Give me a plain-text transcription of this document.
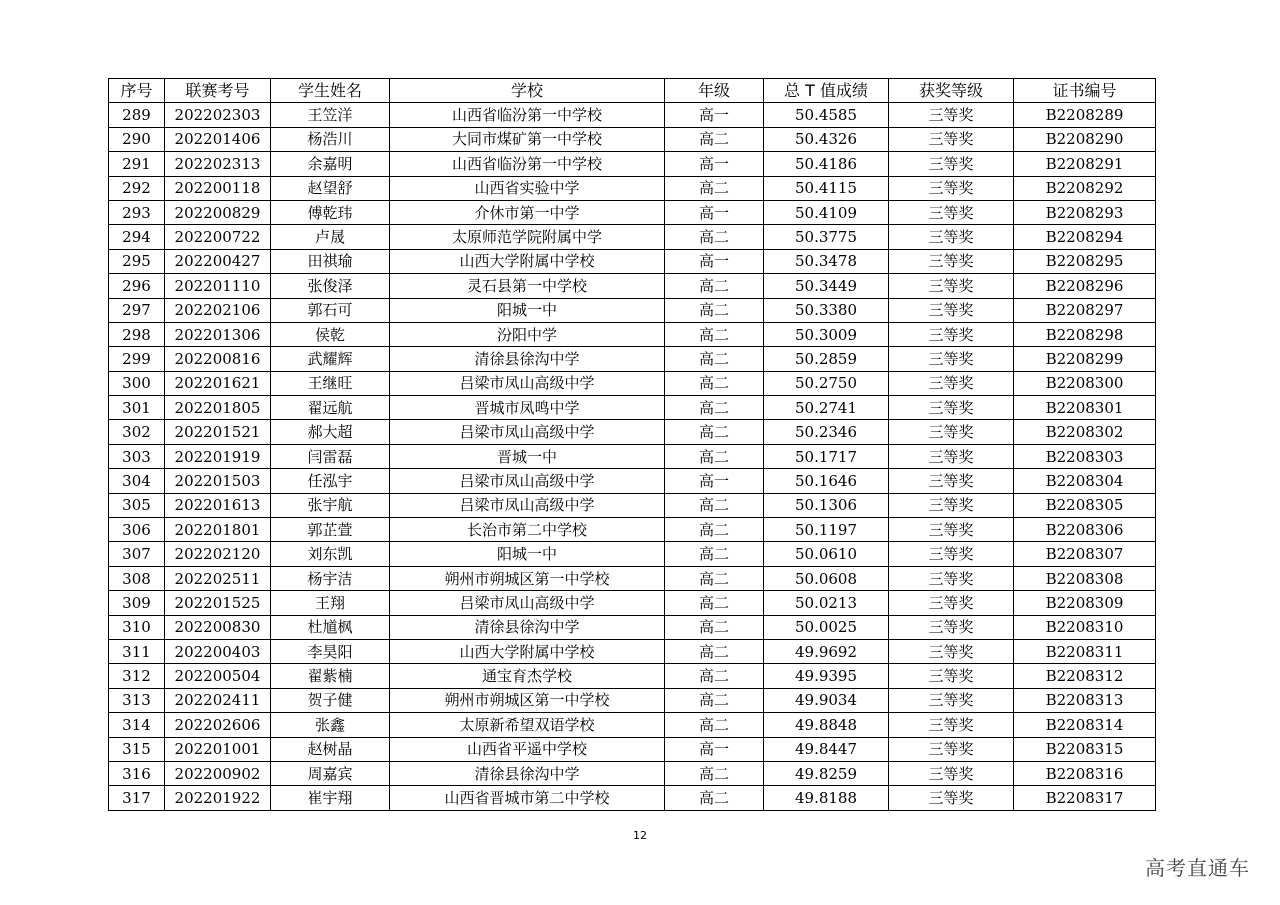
序号	联赛考号	学生姓名	学校	年级	总 T 值成绩	获奖等级	证书编号
289	202202303	王笠洋	山西省临汾第一中学校	高一	50.4585	三等奖	B2208289
290	202201406	杨浩川	大同市煤矿第一中学校	高二	50.4326	三等奖	B2208290
291	202202313	余嘉明	山西省临汾第一中学校	高一	50.4186	三等奖	B2208291
292	202200118	赵望舒	山西省实验中学	高二	50.4115	三等奖	B2208292
293	202200829	傅乾玮	介休市第一中学	高一	50.4109	三等奖	B2208293
294	202200722	卢晟	太原师范学院附属中学	高二	50.3775	三等奖	B2208294
295	202200427	田祺瑜	山西大学附属中学校	高一	50.3478	三等奖	B2208295
296	202201110	张俊泽	灵石县第一中学校	高二	50.3449	三等奖	B2208296
297	202202106	郭石可	阳城一中	高二	50.3380	三等奖	B2208297
298	202201306	侯乾	汾阳中学	高二	50.3009	三等奖	B2208298
299	202200816	武耀辉	清徐县徐沟中学	高二	50.2859	三等奖	B2208299
300	202201621	王继旺	吕梁市凤山高级中学	高二	50.2750	三等奖	B2208300
301	202201805	翟远航	晋城市凤鸣中学	高二	50.2741	三等奖	B2208301
302	202201521	郝大超	吕梁市凤山高级中学	高二	50.2346	三等奖	B2208302
303	202201919	闫雷磊	晋城一中	高二	50.1717	三等奖	B2208303
304	202201503	任泓宇	吕梁市凤山高级中学	高一	50.1646	三等奖	B2208304
305	202201613	张宇航	吕梁市凤山高级中学	高二	50.1306	三等奖	B2208305
306	202201801	郭芷萱	长治市第二中学校	高二	50.1197	三等奖	B2208306
307	202202120	刘东凯	阳城一中	高二	50.0610	三等奖	B2208307
308	202202511	杨宇洁	朔州市朔城区第一中学校	高二	50.0608	三等奖	B2208308
309	202201525	王翔	吕梁市凤山高级中学	高二	50.0213	三等奖	B2208309
310	202200830	杜馗枫	清徐县徐沟中学	高二	50.0025	三等奖	B2208310
311	202200403	李昊阳	山西大学附属中学校	高二	49.9692	三等奖	B2208311
312	202200504	翟紫楠	通宝育杰学校	高二	49.9395	三等奖	B2208312
313	202202411	贺子健	朔州市朔城区第一中学校	高二	49.9034	三等奖	B2208313
314	202202606	张鑫	太原新希望双语学校	高二	49.8848	三等奖	B2208314
315	202201001	赵树晶	山西省平遥中学校	高一	49.8447	三等奖	B2208315
316	202200902	周嘉宾	清徐县徐沟中学	高二	49.8259	三等奖	B2208316
317	202201922	崔宇翔	山西省晋城市第二中学校	高二	49.8188	三等奖	B2208317
12
高考直通车
